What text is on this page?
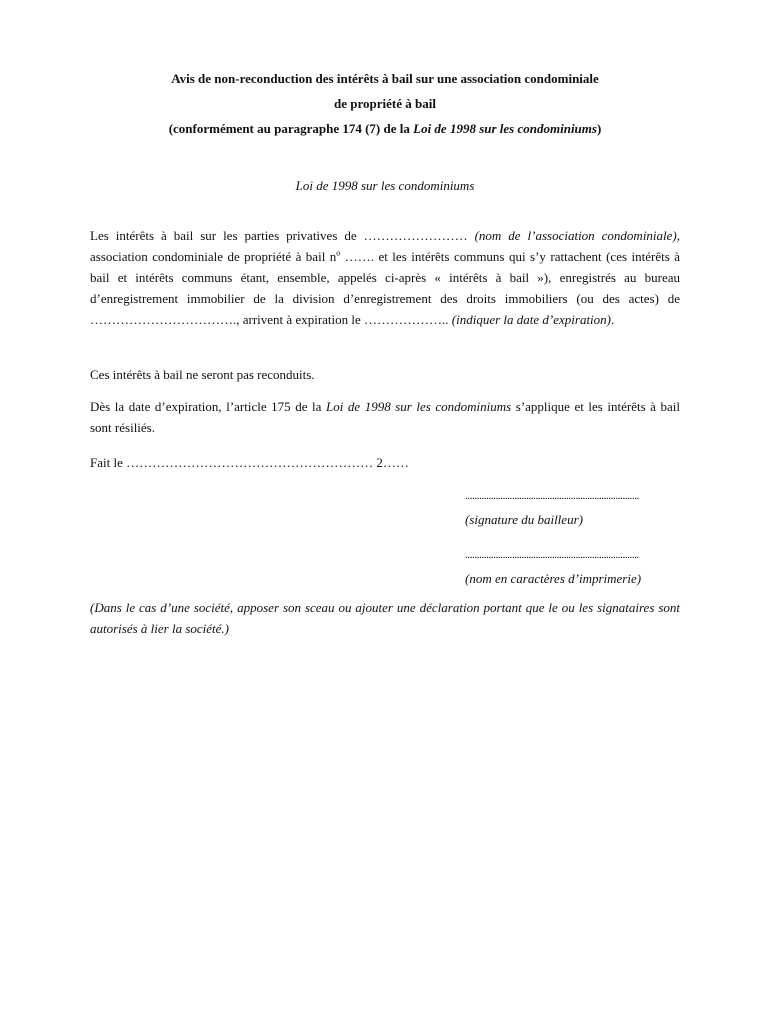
Avis de non-reconduction des intérêts à bail sur une association condominiale
de propriété à bail
(conformément au paragraphe 174 (7) de la Loi de 1998 sur les condominiums)
Loi de 1998 sur les condominiums
Les intérêts à bail sur les parties privatives de …………………… (nom de l’association condominiale), association condominiale de propriété à bail $n^o$ ……. et les intérêts communs qui s’y rattachent (ces intérêts à bail et intérêts communs étant, ensemble, appelés ci-après « intérêts à bail »), enregistrés au bureau d’enregistrement immobilier de la division d’enregistrement des droits immobiliers (ou des actes) de ……………………………., arrivent à expiration le ……………….. (indiquer la date d’expiration).
Ces intérêts à bail ne seront pas reconduits.
Dès la date d’expiration, l’article 175 de la Loi de 1998 sur les condominiums s’applique et les intérêts à bail sont résiliés.
Fait le ………………………………………………… 2……
..........................................................................
(signature du bailleur)
..........................................................................
(nom en caractères d’imprimerie)
(Dans le cas d’une société, apposer son sceau ou ajouter une déclaration portant que le ou les signataires sont autorisés à lier la société.)
